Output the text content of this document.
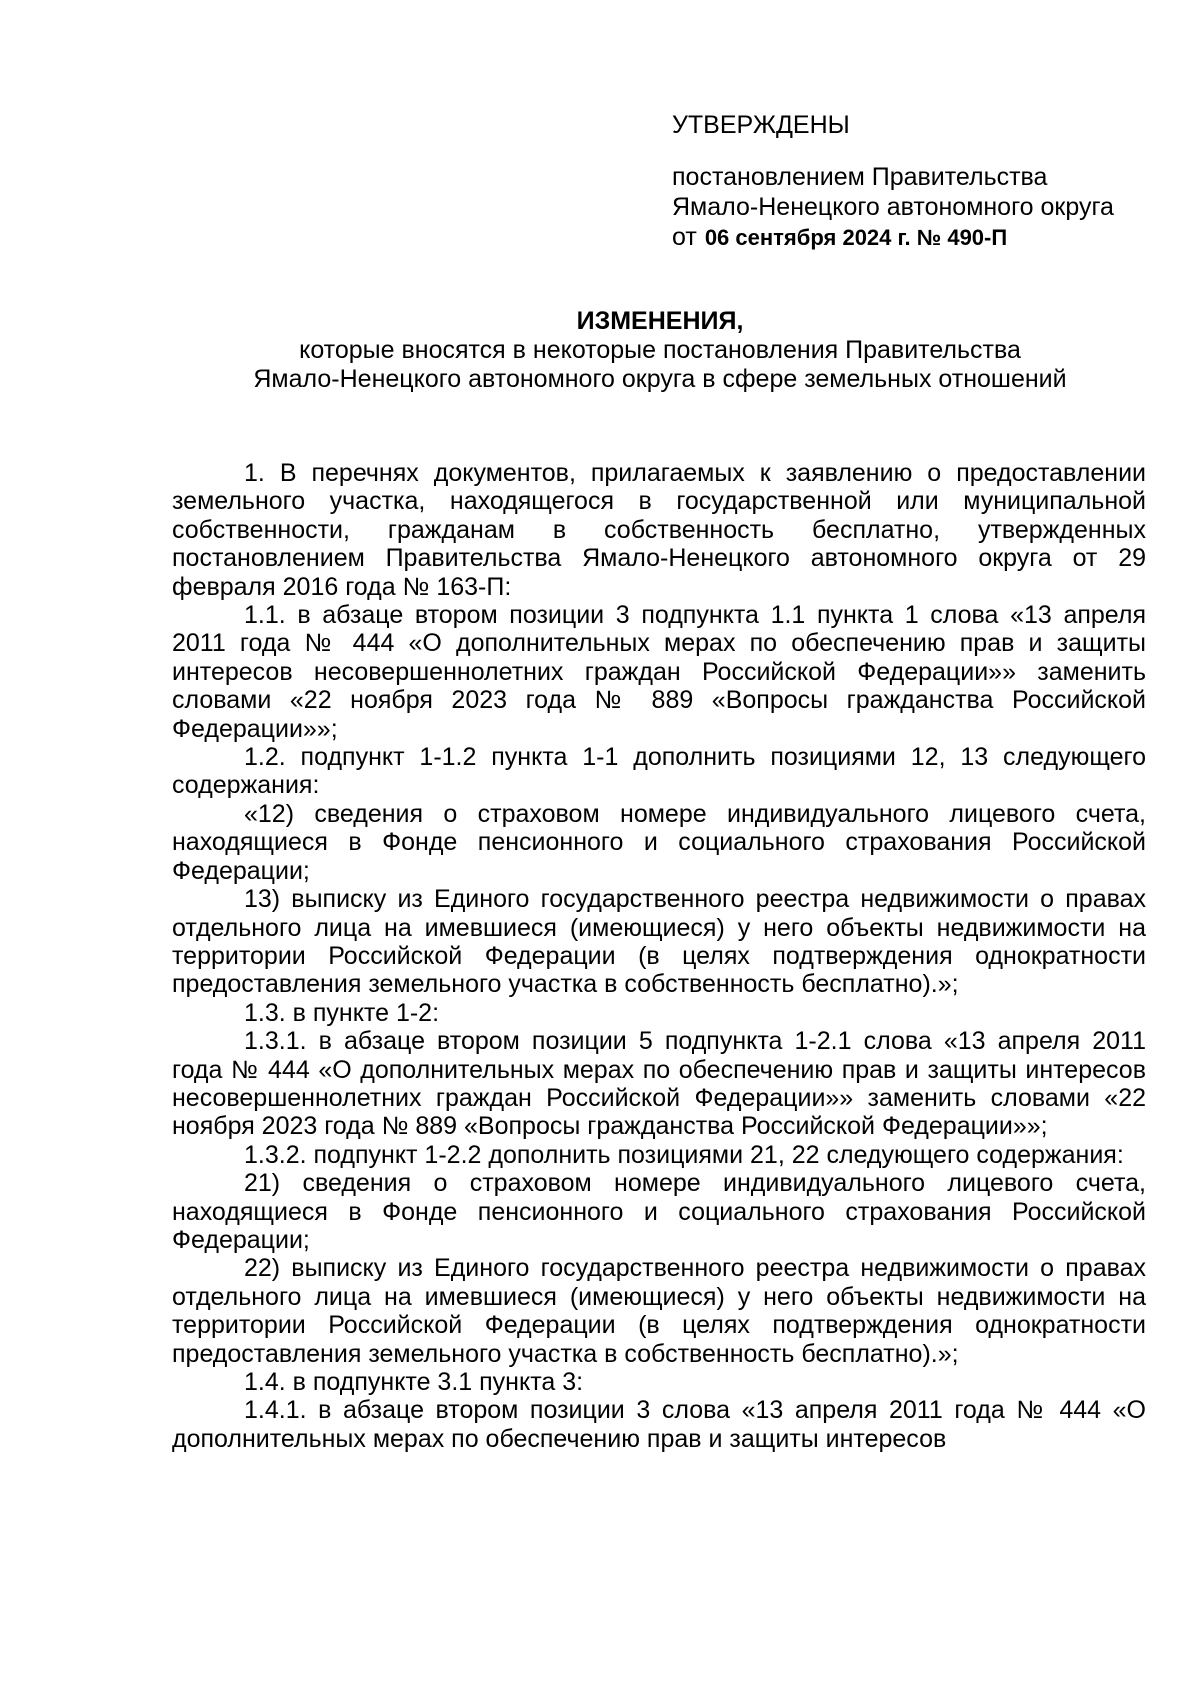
УТВЕРЖДЕНЫ

постановлением Правительства

Ямало-Ненецкого автономного округа

от 06 сентября 2024 г. № 490-П

ИЗМЕНЕНИЯ,
которые вносятся в некоторые постановления Правительства
Ямало-Ненецкого автономного округа в сфере земельных отношений

1. В перечнях документов, прилагаемых к заявлению о предоставлении земельного участка, находящегося в государственной или муниципальной собственности, гражданам в собственность бесплатно, утвержденных постановлением Правительства Ямало-Ненецкого автономного округа от 29 февраля 2016 года № 163-П:

1.1. в абзаце втором позиции 3 подпункта 1.1 пункта 1 слова «13 апреля 2011 года № 444 «О дополнительных мерах по обеспечению прав и защиты интересов несовершеннолетних граждан Российской Федерации»» заменить словами «22 ноября 2023 года № 889 «Вопросы гражданства Российской Федерации»»;

1.2. подпункт 1-1.2 пункта 1-1 дополнить позициями 12, 13 следующего содержания:

«12) сведения о страховом номере индивидуального лицевого счета, находящиеся в Фонде пенсионного и социального страхования Российской Федерации;

13) выписку из Единого государственного реестра недвижимости о правах отдельного лица на имевшиеся (имеющиеся) у него объекты недвижимости на территории Российской Федерации (в целях подтверждения однократности предоставления земельного участка в собственность бесплатно).»;

1.3. в пункте 1-2:

1.3.1. в абзаце втором позиции 5 подпункта 1-2.1 слова «13 апреля 2011 года № 444 «О дополнительных мерах по обеспечению прав и защиты интересов несовершеннолетних граждан Российской Федерации»» заменить словами «22 ноября 2023 года № 889 «Вопросы гражданства Российской Федерации»»;

1.3.2. подпункт 1-2.2 дополнить позициями 21, 22 следующего содержания:

21) сведения о страховом номере индивидуального лицевого счета, находящиеся в Фонде пенсионного и социального страхования Российской Федерации;

22) выписку из Единого государственного реестра недвижимости о правах отдельного лица на имевшиеся (имеющиеся) у него объекты недвижимости на территории Российской Федерации (в целях подтверждения однократности предоставления земельного участка в собственность бесплатно).»;

1.4. в подпункте 3.1 пункта 3:

1.4.1. в абзаце втором позиции 3 слова «13 апреля 2011 года № 444 «О дополнительных мерах по обеспечению прав и защиты интересов
